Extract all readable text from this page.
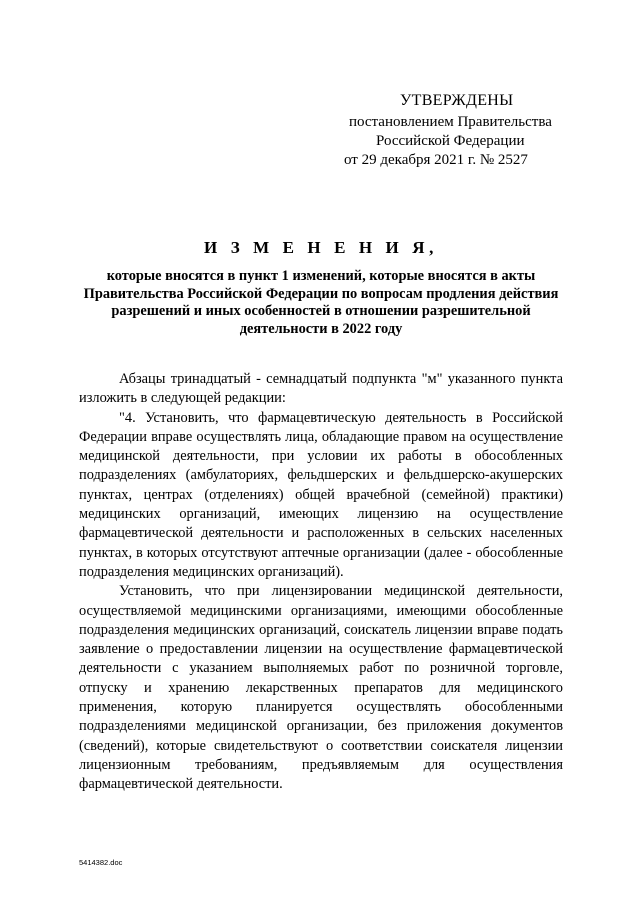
УТВЕРЖДЕНЫ
постановлением Правительства
Российской Федерации
от 29 декабря 2021 г. № 2527
И З М Е Н Е Н И Я,
которые вносятся в пункт 1 изменений, которые вносятся в акты Правительства Российской Федерации по вопросам продления действия разрешений и иных особенностей в отношении разрешительной деятельности в 2022 году

Абзацы тринадцатый - семнадцатый подпункта "м" указанного пункта изложить в следующей редакции:

"4. Установить, что фармацевтическую деятельность в Российской Федерации вправе осуществлять лица, обладающие правом на осуществление медицинской деятельности, при условии их работы в обособленных подразделениях (амбулаториях, фельдшерских и фельдшерско-акушерских пунктах, центрах (отделениях) общей врачебной (семейной) практики) медицинских организаций, имеющих лицензию на осуществление фармацевтической деятельности и расположенных в сельских населенных пунктах, в которых отсутствуют аптечные организации (далее - обособленные подразделения медицинских организаций).

Установить, что при лицензировании медицинской деятельности, осуществляемой медицинскими организациями, имеющими обособленные подразделения медицинских организаций, соискатель лицензии вправе подать заявление о предоставлении лицензии на осуществление фармацевтической деятельности с указанием выполняемых работ по розничной торговле, отпуску и хранению лекарственных препаратов для медицинского применения, которую планируется осуществлять обособленными подразделениями медицинской организации, без приложения документов (сведений), которые свидетельствуют о соответствии соискателя лицензии лицензионным требованиям, предъявляемым для осуществления фармацевтической деятельности.

5414382.doc
